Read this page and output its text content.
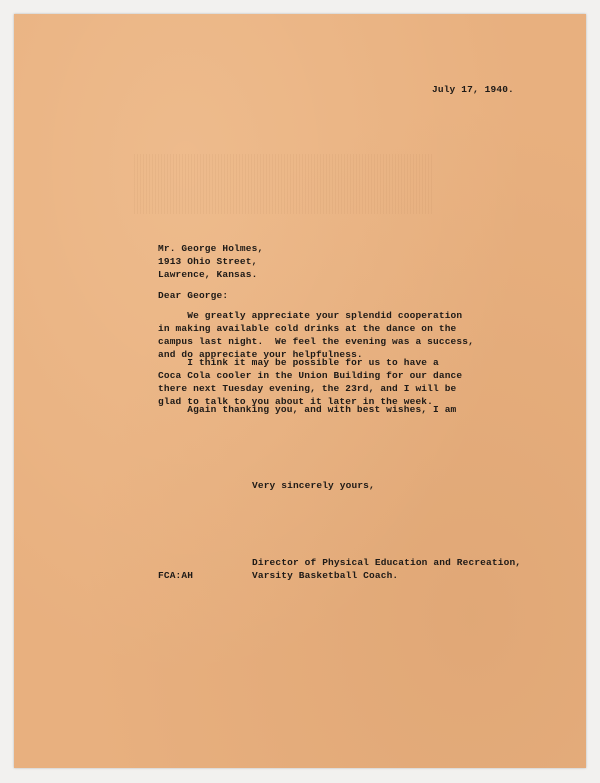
July 17, 1940.

Mr. George Holmes,
1913 Ohio Street,
Lawrence, Kansas.

Dear George:

We greatly appreciate your splendid cooperation
in making available cold drinks at the dance on the
campus last night.  We feel the evening was a success,
and do appreciate your helpfulness.
I think it may be possible for us to have a
Coca Cola cooler in the Union Building for our dance
there next Tuesday evening, the 23rd, and I will be
glad to talk to you about it later in the week.
Again thanking you, and with best wishes, I am

Very sincerely yours,

Director of Physical Education and Recreation,
Varsity Basketball Coach.

FCA:AH
